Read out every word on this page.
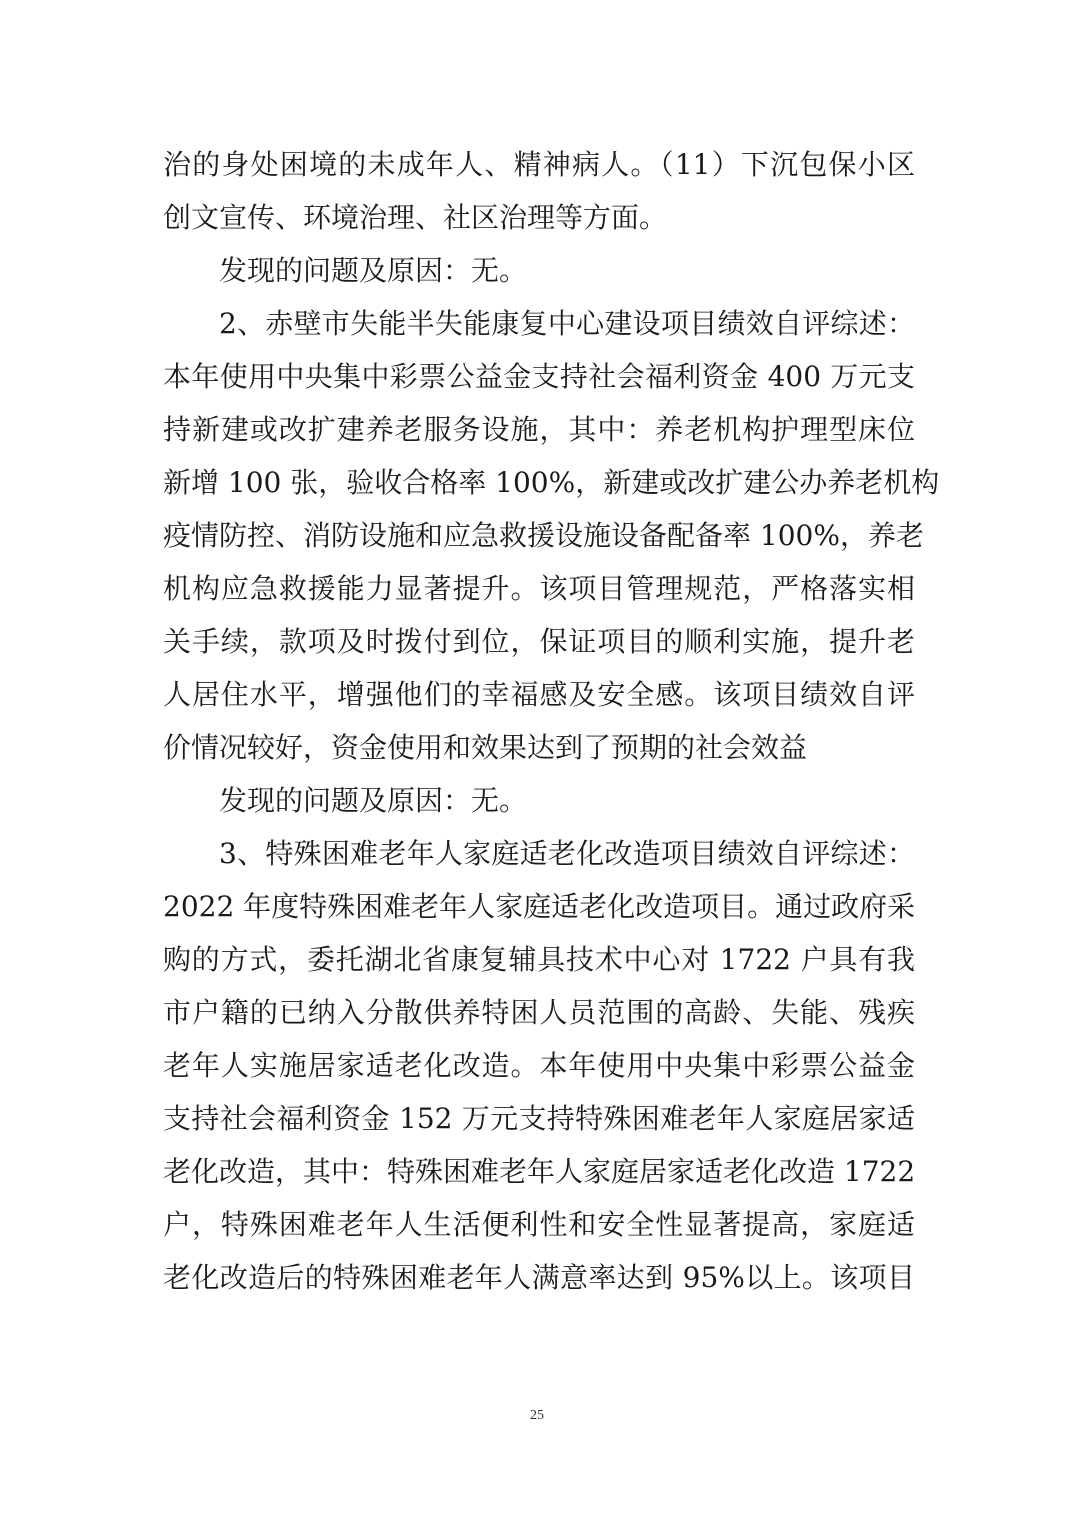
治的身处困境的未成年人、精神病人。（11）下沉包保小区
创文宣传、环境治理、社区治理等方面。
发现的问题及原因：无。
2、赤壁市失能半失能康复中心建设项目绩效自评综述：
本年使用中央集中彩票公益金支持社会福利资金 400 万元支
持新建或改扩建养老服务设施，其中：养老机构护理型床位
新增 100 张，验收合格率 100%，新建或改扩建公办养老机构
疫情防控、消防设施和应急救援设施设备配备率 100%，养老
机构应急救援能力显著提升。该项目管理规范，严格落实相
关手续，款项及时拨付到位，保证项目的顺利实施，提升老
人居住水平，增强他们的幸福感及安全感。该项目绩效自评
价情况较好，资金使用和效果达到了预期的社会效益
发现的问题及原因：无。
3、特殊困难老年人家庭适老化改造项目绩效自评综述：
2022 年度特殊困难老年人家庭适老化改造项目。通过政府采
购的方式，委托湖北省康复辅具技术中心对 1722 户具有我
市户籍的已纳入分散供养特困人员范围的高龄、失能、残疾
老年人实施居家适老化改造。本年使用中央集中彩票公益金
支持社会福利资金 152 万元支持特殊困难老年人家庭居家适
老化改造，其中：特殊困难老年人家庭居家适老化改造 1722
户，特殊困难老年人生活便利性和安全性显著提高，家庭适
老化改造后的特殊困难老年人满意率达到 95%以上。该项目
25
